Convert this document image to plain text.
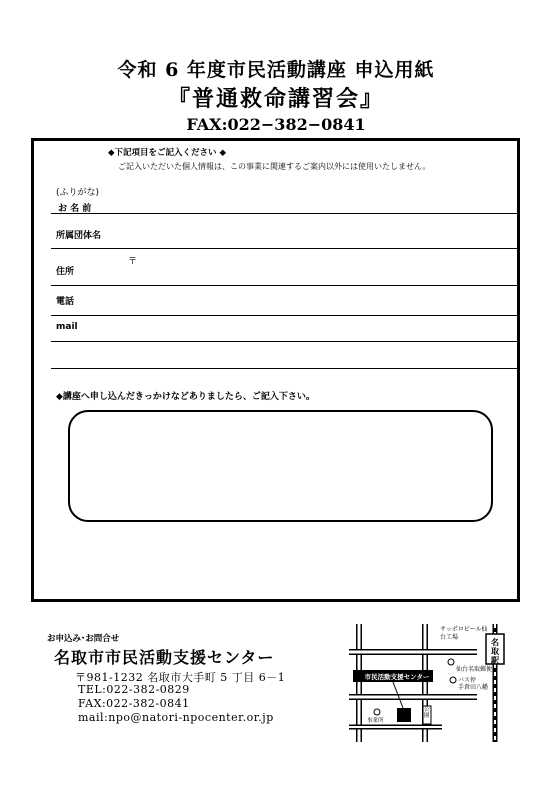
令和 6 年度市民活動講座 申込用紙
『普通救命講習会』
FAX:022−382−0841
◆下記項目をご記入ください ◆
ご記入いただいた個人情報は、この事業に関連するご案内以外には使用いたしません。
(ふりがな)
お 名 前
所属団体名
〒
住所
電話
mail
◆講座へ申し込んだきっかけなどありましたら、ご記入下さい。
お申込み･お問合せ
名取市市民活動支援センター
〒981-1232 名取市大手町 5 丁目 6－1
TEL:022-382-0829
FAX:022-382-0841
mail:npo@natori-npocenter.or.jp
市民活動支援センター
サッポロビール仙台工場
仙台名取郵便局
バス停
手倉田八幡
名取駅
公園
事業所
